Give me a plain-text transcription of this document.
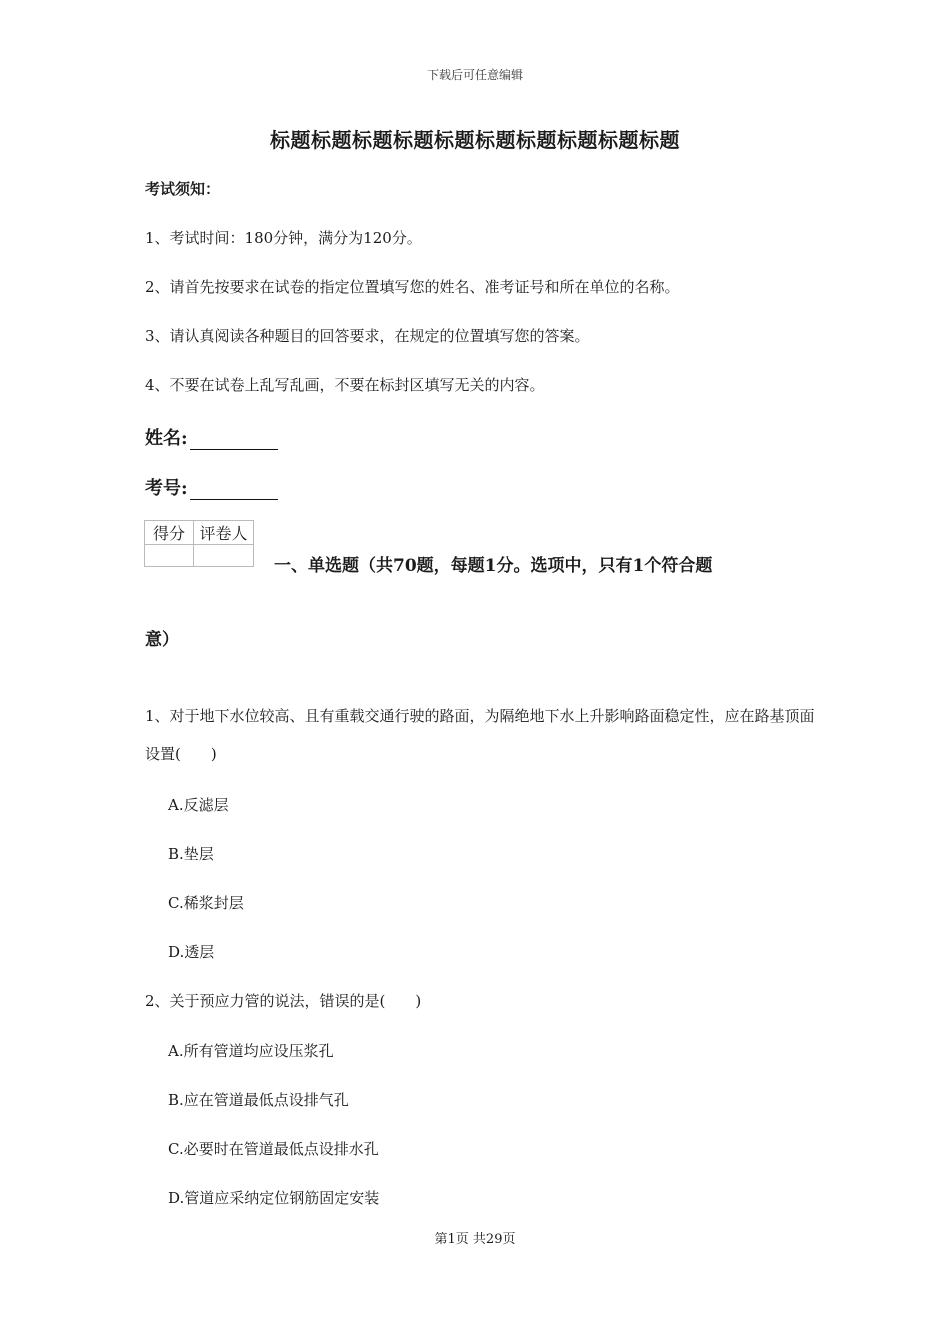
下载后可任意编辑
标题标题标题标题标题标题标题标题标题标题
考试须知：
1、考试时间：180分钟，满分为120分。
2、请首先按要求在试卷的指定位置填写您的姓名、准考证号和所在单位的名称。
3、请认真阅读各种题目的回答要求，在规定的位置填写您的答案。
4、不要在试卷上乱写乱画，不要在标封区填写无关的内容。
姓名:
考号:
得分	评卷人

一、单选题（共70题，每题1分。选项中，只有1个符合题
意）
1、对于地下水位较高、且有重载交通行驶的路面，为隔绝地下水上升影响路面稳定性，应在路基顶面设置(　　)
A.反滤层
B.垫层
C.稀浆封层
D.透层
2、关于预应力管的说法，错误的是(　　)
A.所有管道均应设压浆孔
B.应在管道最低点设排气孔
C.必要时在管道最低点设排水孔
D.管道应采纳定位钢筋固定安装
第1页 共29页
